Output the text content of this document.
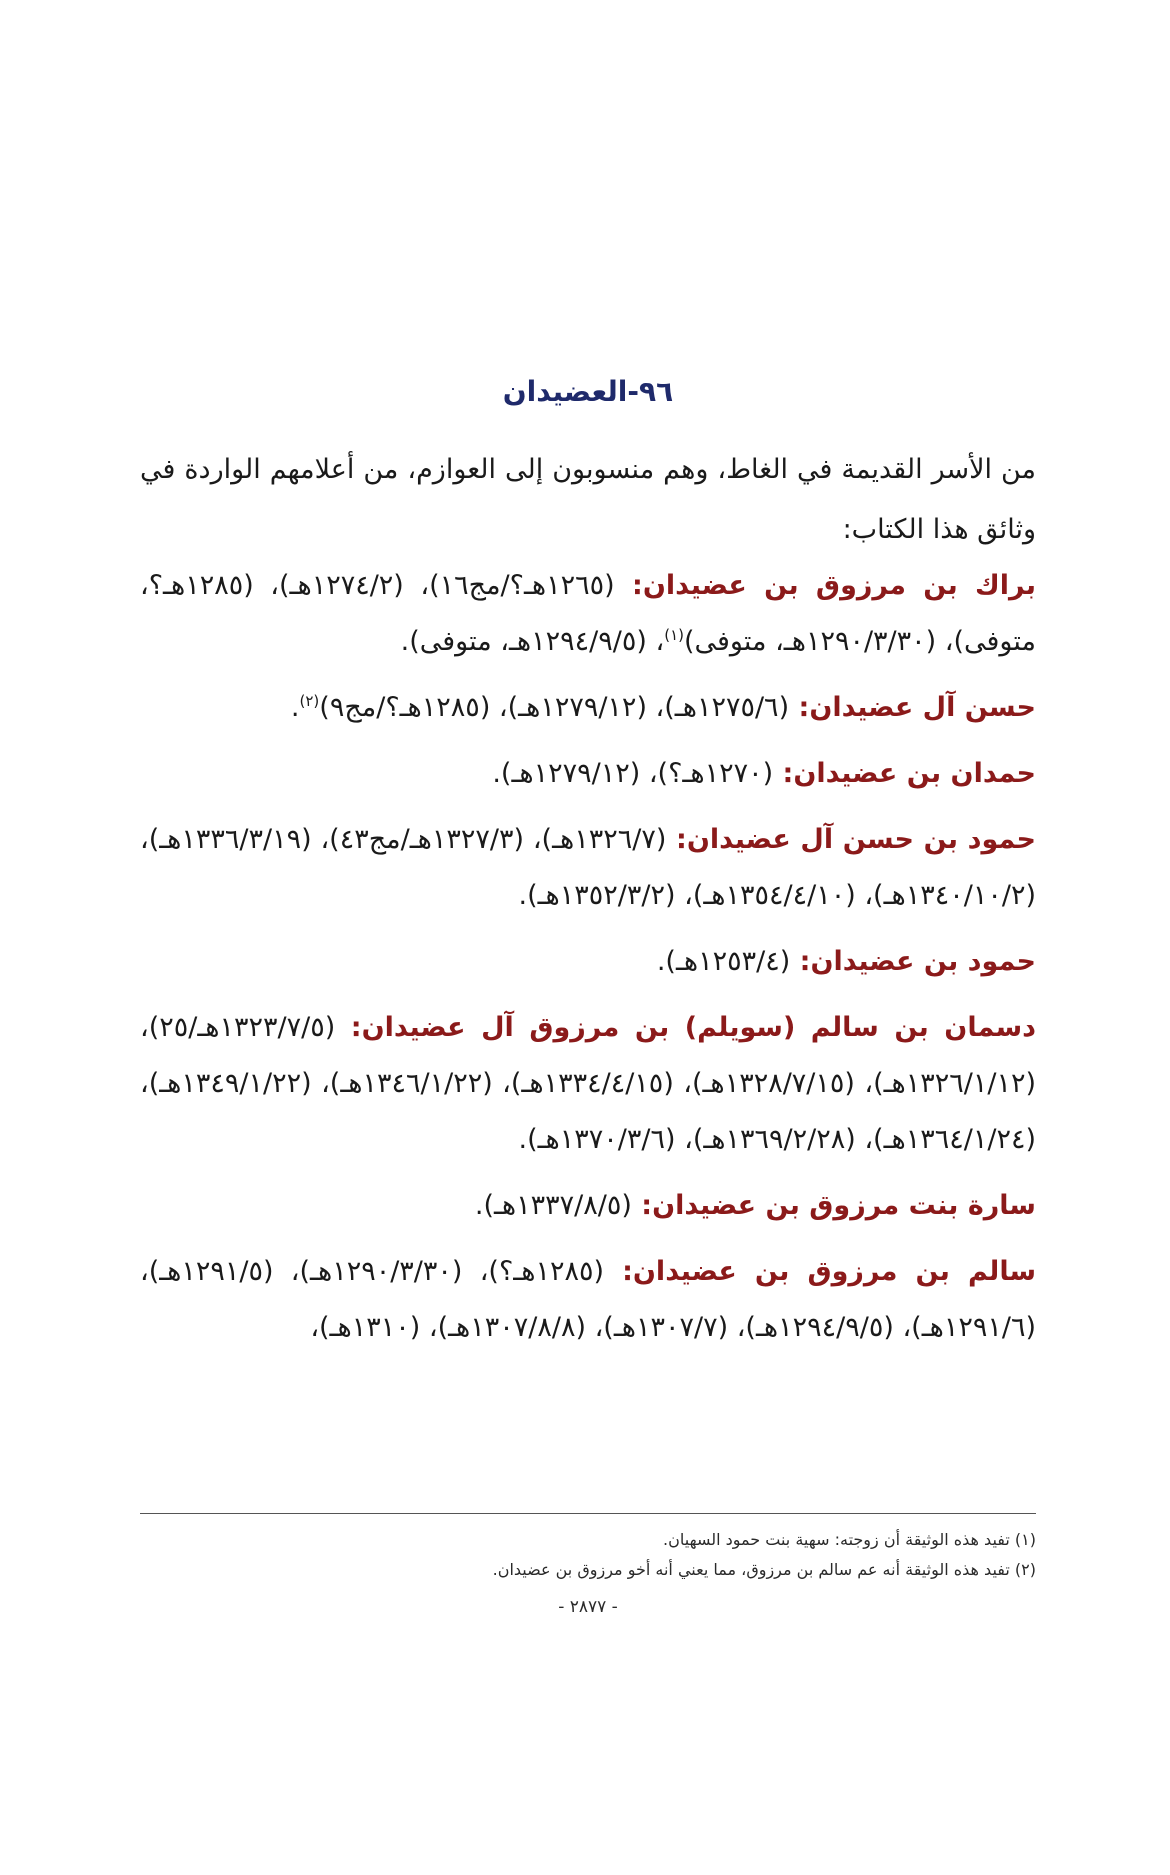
٩٦-العضيدان

من الأسر القديمة في الغاط، وهم منسوبون إلى العوازم، من أعلامهم الواردة في وثائق هذا الكتاب:

براك بن مرزوق بن عضيدان: (١٢٦٥هـ؟/مج١٦)، (١٢٧٤/٢هـ)، (١٢٨٥هـ؟، متوفى)، (١٢٩٠/٣/٣٠هـ، متوفى)$^{(١)}$، (١٢٩٤/٩/٥هـ، متوفى).

حسن آل عضيدان: (١٢٧٥/٦هـ)، (١٢٧٩/١٢هـ)، (١٢٨٥هـ؟/مج٩)$^{(٢)}$.

حمدان بن عضيدان: (١٢٧٠هـ؟)، (١٢٧٩/١٢هـ).

حمود بن حسن آل عضيدان: (١٣٢٦/٧هـ)، (١٣٢٧/٣هـ/مج٤٣)، (١٣٣٦/٣/١٩هـ)، (١٣٤٠/١٠/٢هـ)، (١٣٥٤/٤/١٠هـ)، (١٣٥٢/٣/٢هـ).

حمود بن عضيدان: (١٢٥٣/٤هـ).

دسمان بن سالم (سويلم) بن مرزوق آل عضيدان: (١٣٢٣/٧/٥هـ/٢٥)، (١٣٢٦/١/١٢هـ)، (١٣٢٨/٧/١٥هـ)، (١٣٣٤/٤/١٥هـ)، (١٣٤٦/١/٢٢هـ)، (١٣٤٩/١/٢٢هـ)، (١٣٦٤/١/٢٤هـ)، (١٣٦٩/٢/٢٨هـ)، (١٣٧٠/٣/٦هـ).

سارة بنت مرزوق بن عضيدان: (١٣٣٧/٨/٥هـ).

سالم بن مرزوق بن عضيدان: (١٢٨٥هـ؟)، (١٢٩٠/٣/٣٠هـ)، (١٢٩١/٥هـ)، (١٢٩١/٦هـ)، (١٢٩٤/٩/٥هـ)، (١٣٠٧/٧هـ)، (١٣٠٧/٨/٨هـ)، (١٣١٠هـ)،

(١) تفيد هذه الوثيقة أن زوجته: سهية بنت حمود السهيان.

(٢) تفيد هذه الوثيقة أنه عم سالم بن مرزوق، مما يعني أنه أخو مرزوق بن عضيدان.

- ٢٨٧٧ -
